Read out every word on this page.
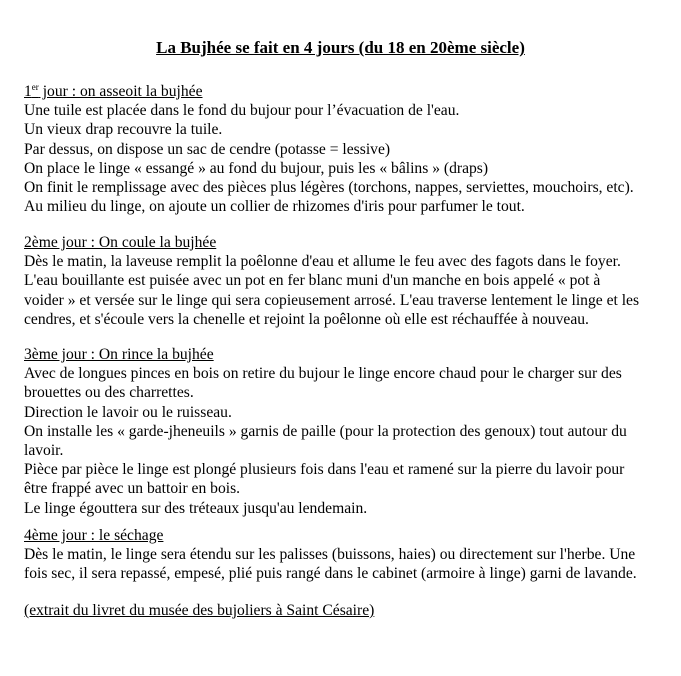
La Bujhée se fait en 4 jours (du 18 en 20ème siècle)
1er jour : on asseoit la bujhée
Une tuile est placée dans le fond du bujour pour l’évacuation de l'eau.
Un vieux drap recouvre la tuile.
Par dessus, on dispose un sac de cendre (potasse = lessive)
On place le linge « essangé » au fond du bujour, puis les « bâlins » (draps)
On finit le remplissage avec des pièces plus légères (torchons, nappes, serviettes, mouchoirs, etc).
Au milieu du linge, on ajoute un collier de rhizomes d'iris pour parfumer le tout.
2ème jour : On coule la bujhée
Dès le matin, la laveuse remplit la poêlonne d'eau et allume le feu avec des fagots dans le foyer.
L'eau bouillante est puisée avec un pot en fer blanc muni d'un manche en bois appelé « pot à
voider » et versée sur le linge qui sera copieusement arrosé. L'eau traverse lentement le linge et les
cendres, et s'écoule vers la chenelle et rejoint la poêlonne où elle est réchauffée à nouveau.
3ème jour : On rince la bujhée
Avec de longues pinces en bois on retire du bujour le linge encore chaud pour le charger sur des
brouettes ou des charrettes.
Direction le lavoir ou le ruisseau.
On installe les « garde-jheneuils » garnis de paille (pour la protection des genoux) tout autour du
lavoir.
Pièce par pièce le linge est plongé plusieurs fois dans l'eau et ramené sur la pierre du lavoir pour
être frappé avec un battoir en bois.
Le linge égouttera sur des tréteaux jusqu'au lendemain.
4ème jour : le séchage
Dès le matin, le linge sera étendu sur les palisses (buissons, haies) ou directement sur l'herbe. Une
fois sec, il sera repassé, empesé, plié puis rangé dans le cabinet (armoire à linge) garni de lavande.
(extrait du livret du musée des bujoliers à Saint Césaire)
